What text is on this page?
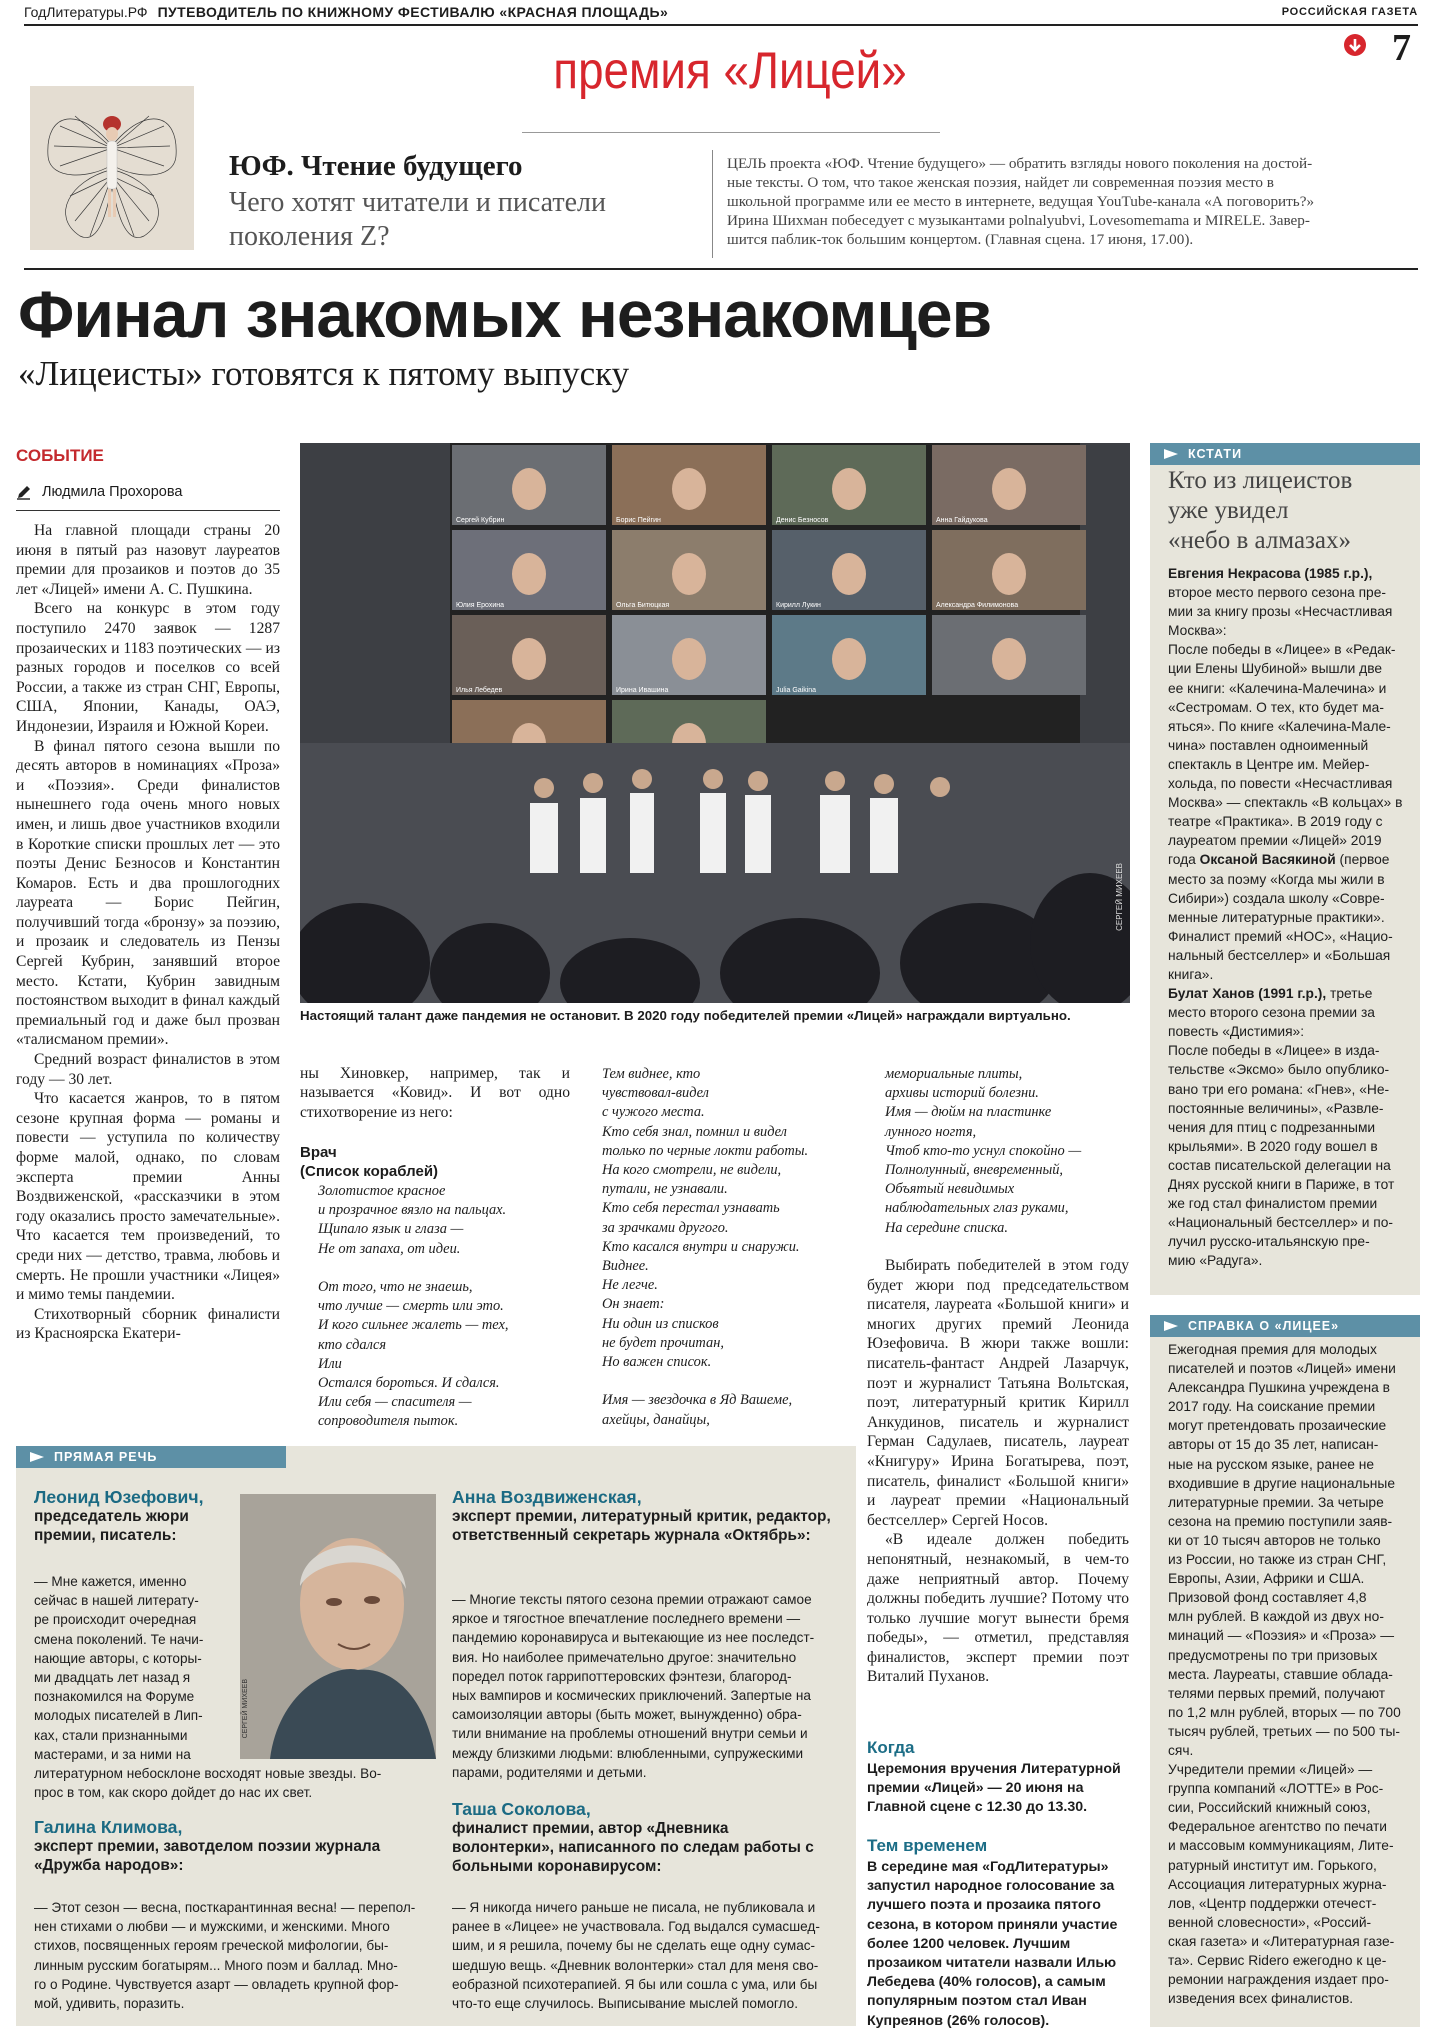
ГодЛитературы.РФ ПУТЕВОДИТЕЛЬ ПО КНИЖНОМУ ФЕСТИВАЛЮ «КРАСНАЯ ПЛОЩАДЬ»	РОССИЙСКАЯ ГАЗЕТА
7
премия «Лицей»
ЮФ. Чтение будущего
Чего хотят читатели и писатели
поколения Z?
ЦЕЛЬ проекта «ЮФ. Чтение будущего» — обратить взгляды нового поколения на достой-
ные тексты. О том, что такое женская поэзия, найдет ли современная поэзия место в
школьной программе или ее место в интернете, ведущая YouTube-канала «А поговорить?»
Ирина Шихман побеседует с музыкантами polnalyubvi, Lovesomemama и MIRELE. Завер-
шится паблик-ток большим концертом. (Главная сцена. 17 июня, 17.00).
Финал знакомых незнакомцев
«Лицеисты» готовятся к пятому выпуску
СОБЫТИЕ
Людмила Прохорова

На главной площади страны 20 июня в пятый раз назовут лауреатов премии для прозаиков и поэтов до 35 лет «Лицей» имени А. С. Пушкина.

Всего на конкурс в этом году поступило 2470 заявок — 1287 прозаических и 1183 поэтических — из разных городов и поселков со всей России, а также из стран СНГ, Европы, США, Японии, Канады, ОАЭ, Индонезии, Израиля и Южной Кореи.

В финал пятого сезона вышли по десять авторов в номинациях «Проза» и «Поэзия». Среди финалистов нынешнего года очень много новых имен, и лишь двое участников входили в Короткие списки прошлых лет — это поэты Денис Безносов и Константин Комаров. Есть и два прошлогодних лауреата — Борис Пейгин, получивший тогда «бронзу» за поэзию, и прозаик и следователь из Пензы Сергей Кубрин, занявший второе место. Кстати, Кубрин завидным постоянством выходит в финал каждый премиальный год и даже был прозван «талисманом премии».

Средний возраст финалистов в этом году — 30 лет.

Что касается жанров, то в пятом сезоне крупная форма — романы и повести — уступила по количеству форме малой, однако, по словам эксперта премии Анны Воздвиженской, «рассказчики в этом году оказались просто замечательные». Что касается тем произведений, то среди них — детство, травма, любовь и смерть. Не прошли участники «Лицея» и мимо темы пандемии.

Стихотворный сборник финалисти из Красноярска Екатери-

Сергей Кубрин	Борис Пейгин	Денис Безносов	Анна Гайдукова
Юлия Ерохина	Ольга Битюцкая	Кирилл Лукин	Александра Филимонова
Илья Лебедев	Ирина Ивашина	Julia Gaikina
СЕРГЕЙ МИХЕЕВ
Настоящий талант даже пандемия не остановит. В 2020 году победителей премии «Лицей» награждали виртуально.
ны Хиновкер, например, так и называется «Ковид». И вот одно стихотворение из него:
Врач
(Список кораблей)
Золотистое красное
и прозрачное вязло на пальцах.
Щипало язык и глаза —
Не от запаха, от идеи.

От того, что не знаешь,
что лучше — смерть или это.
И кого сильнее жалеть — тех,
кто сдался
Или
Остался бороться. И сдался.
Или себя — спасителя —
сопроводителя пыток.
Тем виднее, кто
чувствовал-видел
с чужого места.
Кто себя знал, помнил и видел
только по черные локти работы.
На кого смотрели, не видели,
путали, не узнавали.
Кто себя перестал узнавать
за зрачками другого.
Кто касался внутри и снаружи.
Виднее.
Не легче.
Он знает:
Ни один из списков
не будет прочитан,
Но важен список.

Имя — звездочка в Яд Вашеме,
ахейцы, данайцы,
мемориальные плиты,
архивы историй болезни.
Имя — дюйм на пластинке
лунного ногтя,
Чтоб кто-то уснул спокойно —
Полнолунный, вневременный,
Объятый невидимых
наблюдательных глаз руками,
На середине списка.

Выбирать победителей в этом году будет жюри под председательством писателя, лауреата «Большой книги» и многих других премий Леонида Юзефовича. В жюри также вошли: писатель-фантаст Андрей Лазарчук, поэт и журналист Татьяна Вольтская, поэт, литературный критик Кирилл Анкудинов, писатель и журналист Герман Садулаев, писатель, лауреат «Книгуру» Ирина Богатырева, поэт, писатель, финалист «Большой книги» и лауреат премии «Национальный бестселлер» Сергей Носов.

«В идеале должен победить непонятный, незнакомый, в чем-то даже неприятный автор. Почему должны победить лучшие? Потому что только лучшие могут вынести бремя победы», — отметил, представляя финалистов, эксперт премии поэт Виталий Пуханов.

Когда
Церемония вручения Литературной премии «Лицей» — 20 июня на Главной сцене с 12.30 до 13.30.
Тем временем
В середине мая «ГодЛитературы» запустил народное голосование за лучшего поэта и прозаика пятого сезона, в котором приняли участие более 1200 человек. Лучшим прозаиком читатели назвали Илью Лебедева (40% голосов), а самым популярным поэтом стал Иван Купреянов (26% голосов).
ПРЯМАЯ РЕЧЬ
Леонид Юзефович,
председатель жюри премии, писатель:
— Мне кажется, именно
сейчас в нашей литерату-
ре происходит очередная
смена поколений. Те начи-
нающие авторы, с которы-
ми двадцать лет назад я
познакомился на Форуме
молодых писателей в Лип-
ках, стали признанными
мастерами, и за ними на
СЕРГЕЙ МИХЕЕВ
литературном небосклоне восходят новые звезды. Во-
прос в том, как скоро дойдет до нас их свет.
Галина Климова,
эксперт премии, завотделом поэзии журнала «Дружба народов»:
— Этот сезон — весна, посткарантинная весна! — перепол-
нен стихами о любви — и мужскими, и женскими. Много
стихов, посвященных героям греческой мифологии, бы-
линным русским богатырям... Много поэм и баллад. Мно-
го о Родине. Чувствуется азарт — овладеть крупной фор-
мой, удивить, поразить.
Анна Воздвиженская,
эксперт премии, литературный критик, редактор, ответственный секретарь журнала «Октябрь»:
— Многие тексты пятого сезона премии отражают самое
яркое и тягостное впечатление последнего времени —
пандемию коронавируса и вытекающие из нее последст-
вия. Но наиболее примечательно другое: значительно
поредел поток гаррипоттеровских фэнтези, благород-
ных вампиров и космических приключений. Запертые на
самоизоляции авторы (быть может, вынужденно) обра-
тили внимание на проблемы отношений внутри семьи и
между близкими людьми: влюбленными, супружескими
парами, родителями и детьми.
Таша Соколова,
финалист премии, автор «Дневника волонтерки», написанного по следам работы с больными коронавирусом:
— Я никогда ничего раньше не писала, не публиковала и
ранее в «Лицее» не участвовала. Год выдался сумасшед-
шим, и я решила, почему бы не сделать еще одну сумас-
шедшую вещь. «Дневник волонтерки» стал для меня сво-
еобразной психотерапией. Я бы или сошла с ума, или бы
что-то еще случилось. Выписывание мыслей помогло.
КСТАТИ
Кто из лицеистов
уже увидел
«небо в алмазах»
Евгения Некрасова (1985 г.р.),
второе место первого сезона пре-
мии за книгу прозы «Несчастливая
Москва»:
После победы в «Лицее» в «Редак-
ции Елены Шубиной» вышли две
ее книги: «Калечина-Малечина» и
«Сестромам. О тех, кто будет ма-
яться». По книге «Калечина-Мале-
чина» поставлен одноименный
спектакль в Центре им. Мейер-
хольда, по повести «Несчастливая
Москва» — спектакль «В кольцах» в
театре «Практика». В 2019 году с
лауреатом премии «Лицей» 2019
года Оксаной Васякиной (первое
место за поэму «Когда мы жили в
Сибири») создала школу «Совре-
менные литературные практики».
Финалист премий «НОС», «Нацио-
нальный бестселлер» и «Большая
книга».
Булат Ханов (1991 г.р.), третье
место второго сезона премии за
повесть «Дистимия»:
После победы в «Лицее» в изда-
тельстве «Эксмо» было опублико-
вано три его романа: «Гнев», «Не-
постоянные величины», «Развле-
чения для птиц с подрезанными
крыльями». В 2020 году вошел в
состав писательской делегации на
Днях русской книги в Париже, в тот
же год стал финалистом премии
«Национальный бестселлер» и по-
лучил русско-итальянскую пре-
мию «Радуга».
СПРАВКА О «ЛИЦЕЕ»
Ежегодная премия для молодых
писателей и поэтов «Лицей» имени
Александра Пушкина учреждена в
2017 году. На соискание премии
могут претендовать прозаические
авторы от 15 до 35 лет, написан-
ные на русском языке, ранее не
входившие в другие национальные
литературные премии. За четыре
сезона на премию поступили заяв-
ки от 10 тысяч авторов не только
из России, но также из стран СНГ,
Европы, Азии, Африки и США.
Призовой фонд составляет 4,8
млн рублей. В каждой из двух но-
минаций — «Поэзия» и «Проза» —
предусмотрены по три призовых
места. Лауреаты, ставшие облада-
телями первых премий, получают
по 1,2 млн рублей, вторых — по 700
тысяч рублей, третьих — по 500 ты-
сяч.
Учредители премии «Лицей» —
группа компаний «ЛОТТЕ» в Рос-
сии, Российский книжный союз,
Федеральное агентство по печати
и массовым коммуникациям, Лите-
ратурный институт им. Горького,
Ассоциация литературных журна-
лов, «Центр поддержки отечест-
венной словесности», «Россий-
ская газета» и «Литературная газе-
та». Сервис Ridero ежегодно к це-
ремонии награждения издает про-
изведения всех финалистов.
